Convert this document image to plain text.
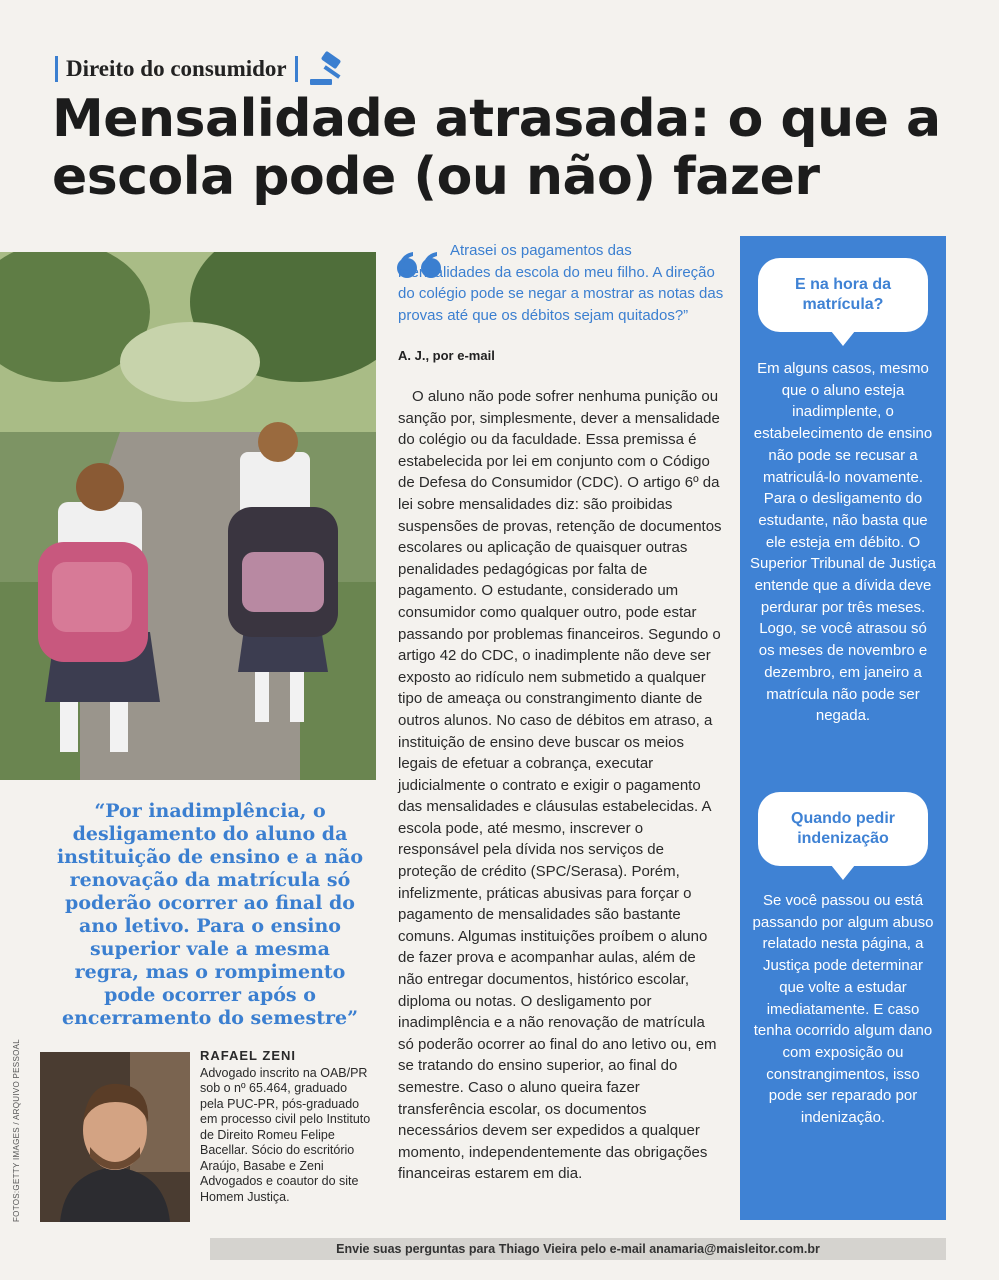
Direito do consumidor
Mensalidade atrasada: o que a escola pode (ou não) fazer
“Por inadimplência, o desligamento do aluno da instituição de ensino e a não renovação da matrícula só poderão ocorrer ao final do ano letivo. Para o ensino superior vale a mesma regra, mas o rompimento pode ocorrer após o encerramento do semestre”
FOTOS:GETTY IMAGES / ARQUIVO PESSOAL	RAFAEL ZENI
Advogado inscrito na OAB/PR sob o nº 65.464, graduado pela PUC-PR, pós-graduado em processo civil pelo Instituto de Direito Romeu Felipe Bacellar. Sócio do escritório Araújo, Basabe e Zeni Advogados e coautor do site Homem Justiça.
Atrasei os pagamentos das mensalidades da escola do meu filho. A direção do colégio pode se negar a mostrar as notas das provas até que os débitos sejam quitados?”
A. J., por e-mail
O aluno não pode sofrer nenhuma punição ou sanção por, simplesmente, dever a mensalidade do colégio ou da faculdade. Essa premissa é estabelecida por lei em conjunto com o Código de Defesa do Consumidor (CDC). O artigo 6º da lei sobre mensalidades diz: são proibidas suspensões de provas, retenção de documentos escolares ou aplicação de quaisquer outras penalidades pedagógicas por falta de pagamento. O estudante, considerado um consumidor como qualquer outro, pode estar passando por problemas financeiros. Segundo o artigo 42 do CDC, o inadimplente não deve ser exposto ao ridículo nem submetido a qualquer tipo de ameaça ou constrangimento diante de outros alunos. No caso de débitos em atraso, a instituição de ensino deve buscar os meios legais de efetuar a cobrança, executar judicialmente o contrato e exigir o pagamento das mensalidades e cláusulas estabelecidas. A escola pode, até mesmo, inscrever o responsável pela dívida nos serviços de proteção de crédito (SPC/Serasa). Porém, infelizmente, práticas abusivas para forçar o pagamento de mensalidades são bastante comuns. Algumas instituições proíbem o aluno de fazer prova e acompanhar aulas, além de não entregar documentos, histórico escolar, diploma ou notas. O desligamento por inadimplência e a não renovação de matrícula só poderão ocorrer ao final do ano letivo ou, em se tratando do ensino superior, ao final do semestre. Caso o aluno queira fazer transferência escolar, os documentos necessários devem ser expedidos a qualquer momento, independentemente das obrigações financeiras estarem em dia.
E na hora da matrícula?
Em alguns casos, mesmo que o aluno esteja inadimplente, o estabelecimento de ensino não pode se recusar a matriculá-lo novamente. Para o desligamento do estudante, não basta que ele esteja em débito. O Superior Tribunal de Justiça entende que a dívida deve perdurar por três meses. Logo, se você atrasou só os meses de novembro e dezembro, em janeiro a matrícula não pode ser negada.
Quando pedir indenização
Se você passou ou está passando por algum abuso relatado nesta página, a Justiça pode determinar que volte a estudar imediatamente. E caso tenha ocorrido algum dano com exposição ou constrangimentos, isso pode ser reparado por indenização.
Envie suas perguntas para Thiago Vieira pelo e-mail anamaria@maisleitor.com.br
